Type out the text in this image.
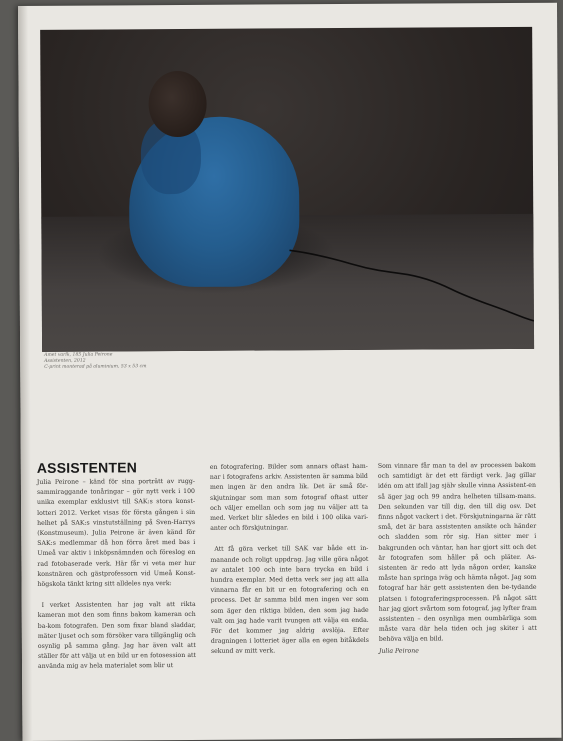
Amet varlk, 185 Julia Peirone
Assistenten, 2012
C-print monterad på aluminium, 53 x 53 cm
ASSISTENTEN

Julia Peirone – känd för sina porträtt av rugg-sammiraggande tonåringar – gör nytt verk i 100 unika exemplar exklusivt till SAK:s stora konst-lotteri 2012. Verket visas för första gången i sin helhet på SAK:s vinstutställning på Sven-Harrys (Konstmuseum). Julia Peirone är även känd för SAK:s medlemmar då hon förra året med bas i Umeå var aktiv i inköpsnämnden och föreslog en rad fotobaserade verk. Här får vi veta mer hur konstnären och gästprofessorn vid Umeå Konst-högskola tänkt kring sitt alldeles nya verk:

I verket Assistenten har jag valt att rikta kameran mot den som finns bakom kameran och ba-kom fotografen. Den som fixar bland sladdar, mäter ljuset och som försöker vara tillgänglig och osynlig på samma gång. Jag har även valt att ställer för att välja ut en bild ur en fotosession att använda mig av hela materialet som blir ut

en fotografering. Bilder som annars oftast ham-nar i fotografens arkiv. Assistenten är samma bild men ingen är den andra lik. Det är små för-skjutningar som man som fotograf oftast utter och väljer emellan och som jag nu väljer att ta med. Verket blir således en bild i 100 olika vari-anter och förskjutningar.

Att få göra verket till SAK var både ett in-manande och roligt uppdrag. Jag ville göra något av antalet 100 och inte bara trycka en bild i hundra exemplar. Med detta verk ser jag att alla vinnarna får en bit ur en fotografering och en process. Det är samma bild men ingen ver som som äger den riktiga bilden, den som jag hade valt om jag hade varit tvungen att välja en enda. För det kommer jag aldrig avslöja. Efter dragningen i lotteriet äger alla en egen bitåkdels sekund av mitt verk.

Som vinnare får man ta del av processen bakom och samtidigt är det ett färdigt verk. Jag gillar idén om att ifall jag själv skulle vinna Assistent-en så äger jag och 99 andra helheten tillsam-mans. Den sekunden var till dig, den till dig osv. Det finns något vackert i det. Förskjutningarna är rätt små, det är bara assistenten ansikte och händer och sladden som rör sig. Han sitter mer i bakgrunden och väntar, han har gjort sitt och det är fotografen som håller på och pläter. As-sistenten är redo att lyda någon order, kanske måste han springa iväg och hämta något. Jag som fotograf har här gett assistenten den be-tydande platsen i fotograferingsprocessen. På något sätt har jag gjort svårtom som fotograf, jag lyfter fram assistenten – den osynliga men oumbärliga som måste vara där hela tiden och jag skiter i att behöva välja en bild.

Julia Peirone
